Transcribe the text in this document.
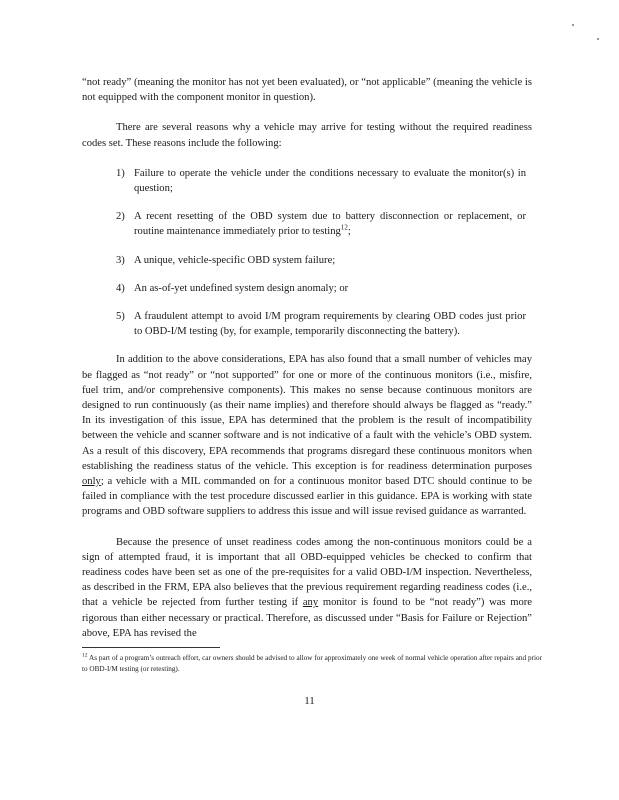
“not ready” (meaning the monitor has not yet been evaluated), or “not applicable” (meaning the vehicle is not equipped with the component monitor in question).

There are several reasons why a vehicle may arrive for testing without the required readiness codes set. These reasons include the following:

1) Failure to operate the vehicle under the conditions necessary to evaluate the monitor(s) in question;
2) A recent resetting of the OBD system due to battery disconnection or replacement, or routine maintenance immediately prior to testing$^{12}$;
3) A unique, vehicle-specific OBD system failure;
4) An as-of-yet undefined system design anomaly; or
5) A fraudulent attempt to avoid I/M program requirements by clearing OBD codes just prior to OBD-I/M testing (by, for example, temporarily disconnecting the battery).

In addition to the above considerations, EPA has also found that a small number of vehicles may be flagged as “not ready” or “not supported” for one or more of the continuous monitors (i.e., misfire, fuel trim, and/or comprehensive components). This makes no sense because continuous monitors are designed to run continuously (as their name implies) and therefore should always be flagged as “ready.” In its investigation of this issue, EPA has determined that the problem is the result of incompatibility between the vehicle and scanner software and is not indicative of a fault with the vehicle’s OBD system. As a result of this discovery, EPA recommends that programs disregard these continuous monitors when establishing the readiness status of the vehicle. This exception is for readiness determination purposes only; a vehicle with a MIL commanded on for a continuous monitor based DTC should continue to be failed in compliance with the test procedure discussed earlier in this guidance. EPA is working with state programs and OBD software suppliers to address this issue and will issue revised guidance as warranted.

Because the presence of unset readiness codes among the non-continuous monitors could be a sign of attempted fraud, it is important that all OBD-equipped vehicles be checked to confirm that readiness codes have been set as one of the pre-requisites for a valid OBD-I/M inspection. Nevertheless, as described in the FRM, EPA also believes that the previous requirement regarding readiness codes (i.e., that a vehicle be rejected from further testing if any monitor is found to be “not ready”) was more rigorous than either necessary or practical. Therefore, as discussed under “Basis for Failure or Rejection” above, EPA has revised the

$^{12}$ As part of a program’s outreach effort, car owners should be advised to allow for approximately one week of normal vehicle operation after repairs and prior to OBD-I/M testing (or retesting).
11
